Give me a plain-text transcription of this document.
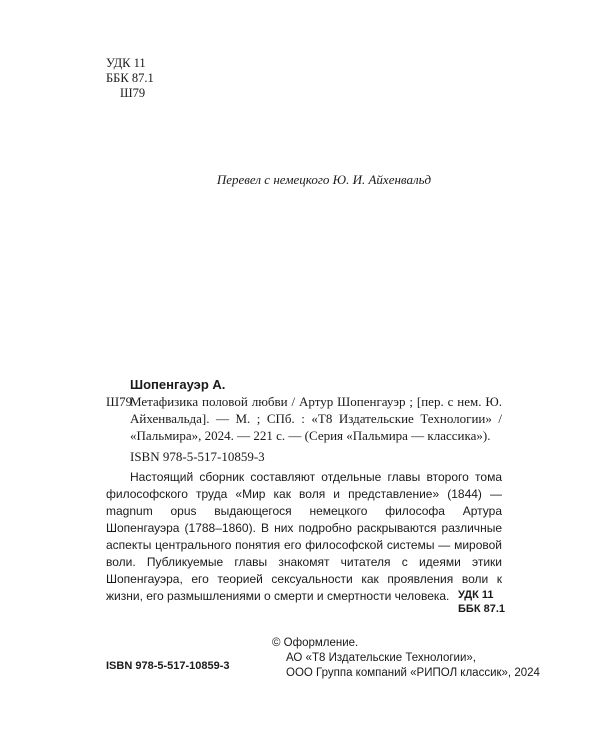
УДК 11
ББК 87.1
Ш79
Перевел с немецкого Ю. И. Айхенвальд
Шопенгауэр А.
Ш79
Метафизика половой любви / Артур Шопенгауэр ; [пер. с нем. Ю. Айхенвальда]. — М. ; СПб. : «Т8 Издательские Технологии» / «Пальмира», 2024. — 221 с. — (Серия «Пальмира — классика»).
ISBN 978-5-517-10859-3
Настоящий сборник составляют отдельные главы второго тома философского труда «Мир как воля и представление» (1844) — magnum opus выдающегося немецкого философа Артура Шопенгауэра (1788–1860). В них подробно раскрываются различные аспекты центрального понятия его философской системы — мировой воли. Публикуемые главы знакомят читателя с идеями этики Шопенгауэра, его теорией сексуальности как проявления воли к жизни, его размышлениями о смерти и смертности человека. УДК 11
ББК 87.1
© Оформление.
АО «Т8 Издательские Технологии»,
ООО Группа компаний «РИПОЛ классик», 2024
ISBN 978-5-517-10859-3
